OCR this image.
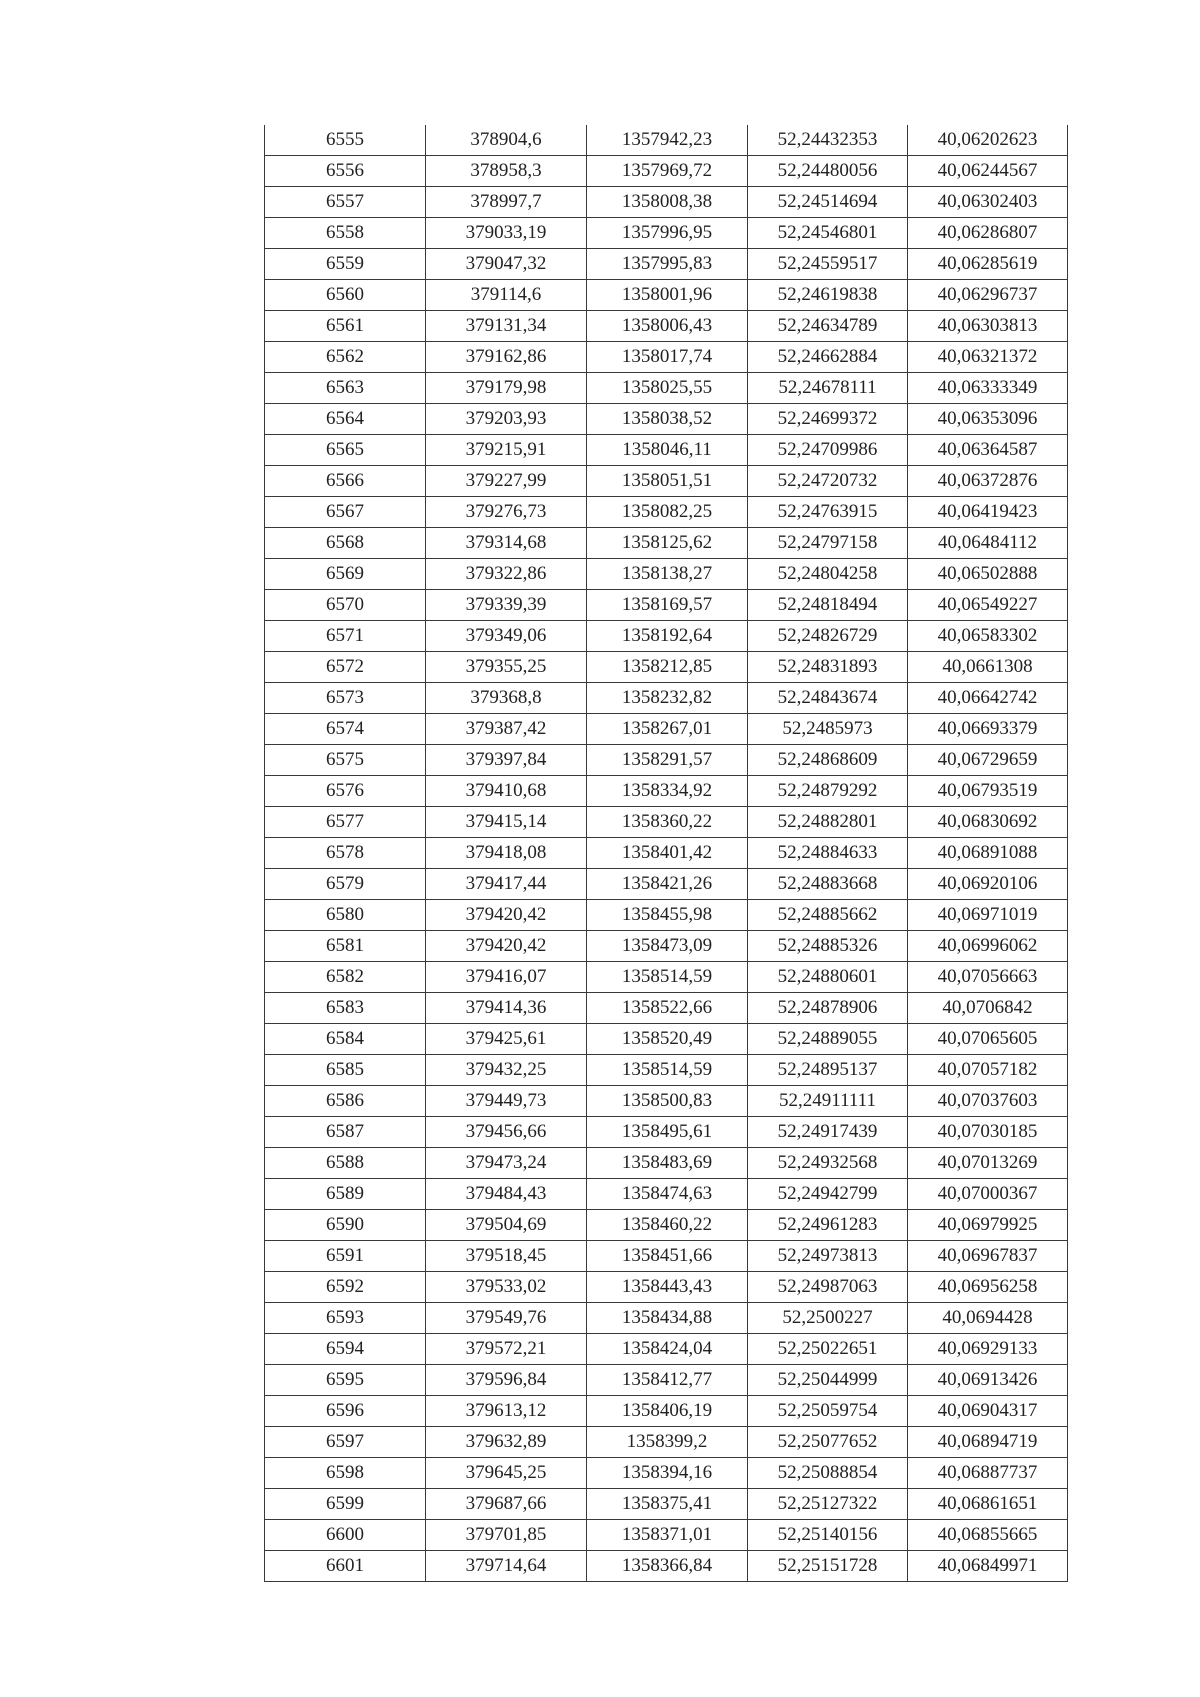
6555	378904,6	1357942,23	52,24432353	40,06202623
6556	378958,3	1357969,72	52,24480056	40,06244567
6557	378997,7	1358008,38	52,24514694	40,06302403
6558	379033,19	1357996,95	52,24546801	40,06286807
6559	379047,32	1357995,83	52,24559517	40,06285619
6560	379114,6	1358001,96	52,24619838	40,06296737
6561	379131,34	1358006,43	52,24634789	40,06303813
6562	379162,86	1358017,74	52,24662884	40,06321372
6563	379179,98	1358025,55	52,24678111	40,06333349
6564	379203,93	1358038,52	52,24699372	40,06353096
6565	379215,91	1358046,11	52,24709986	40,06364587
6566	379227,99	1358051,51	52,24720732	40,06372876
6567	379276,73	1358082,25	52,24763915	40,06419423
6568	379314,68	1358125,62	52,24797158	40,06484112
6569	379322,86	1358138,27	52,24804258	40,06502888
6570	379339,39	1358169,57	52,24818494	40,06549227
6571	379349,06	1358192,64	52,24826729	40,06583302
6572	379355,25	1358212,85	52,24831893	40,0661308
6573	379368,8	1358232,82	52,24843674	40,06642742
6574	379387,42	1358267,01	52,2485973	40,06693379
6575	379397,84	1358291,57	52,24868609	40,06729659
6576	379410,68	1358334,92	52,24879292	40,06793519
6577	379415,14	1358360,22	52,24882801	40,06830692
6578	379418,08	1358401,42	52,24884633	40,06891088
6579	379417,44	1358421,26	52,24883668	40,06920106
6580	379420,42	1358455,98	52,24885662	40,06971019
6581	379420,42	1358473,09	52,24885326	40,06996062
6582	379416,07	1358514,59	52,24880601	40,07056663
6583	379414,36	1358522,66	52,24878906	40,0706842
6584	379425,61	1358520,49	52,24889055	40,07065605
6585	379432,25	1358514,59	52,24895137	40,07057182
6586	379449,73	1358500,83	52,24911111	40,07037603
6587	379456,66	1358495,61	52,24917439	40,07030185
6588	379473,24	1358483,69	52,24932568	40,07013269
6589	379484,43	1358474,63	52,24942799	40,07000367
6590	379504,69	1358460,22	52,24961283	40,06979925
6591	379518,45	1358451,66	52,24973813	40,06967837
6592	379533,02	1358443,43	52,24987063	40,06956258
6593	379549,76	1358434,88	52,2500227	40,0694428
6594	379572,21	1358424,04	52,25022651	40,06929133
6595	379596,84	1358412,77	52,25044999	40,06913426
6596	379613,12	1358406,19	52,25059754	40,06904317
6597	379632,89	1358399,2	52,25077652	40,06894719
6598	379645,25	1358394,16	52,25088854	40,06887737
6599	379687,66	1358375,41	52,25127322	40,06861651
6600	379701,85	1358371,01	52,25140156	40,06855665
6601	379714,64	1358366,84	52,25151728	40,06849971
